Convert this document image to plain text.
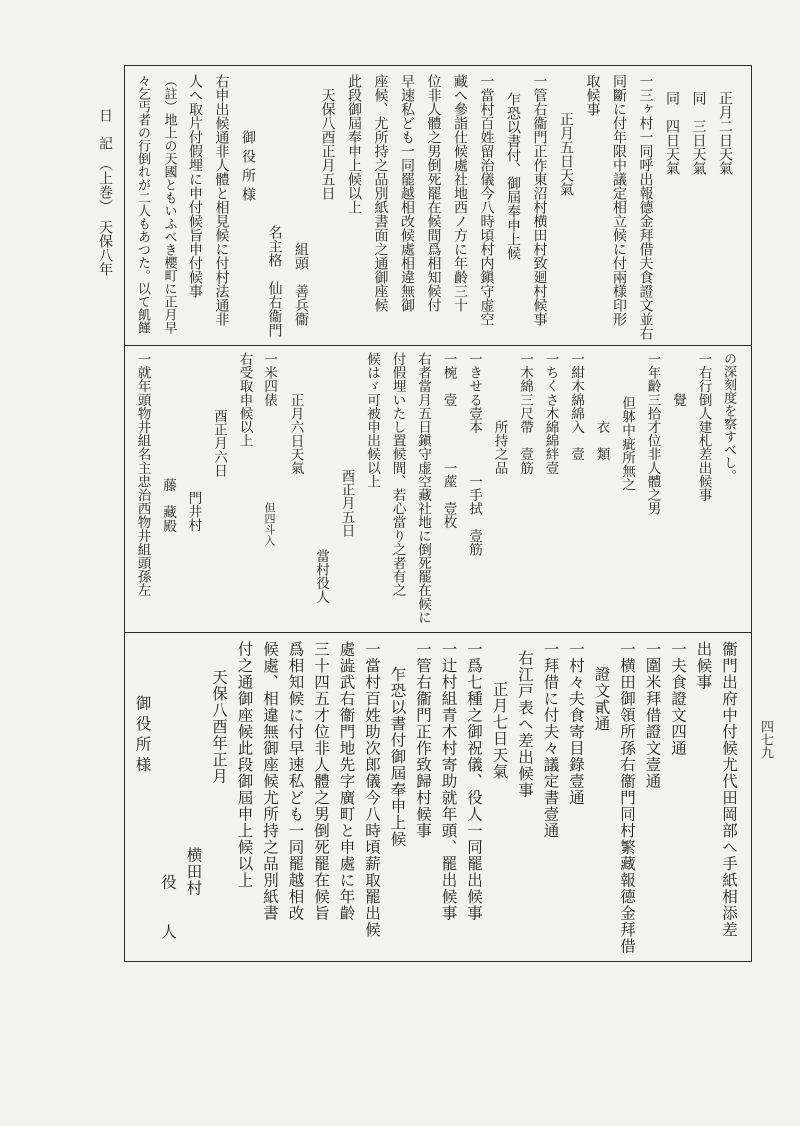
日　記　（上巻）　天保八年
四七九
正月二日天氣
同　三日天氣
同　四日天氣
一三ヶ村一同呼出報德金拜借夫食證文並右
同斷に付年限中議定相立候に付兩様印形
取候事
正月五日天氣
一管右衞門正作東沼村横田村致廻村候事
乍恐以書付、御屆奉申上候
一當村百姓留治儀今八時頃村内鎭守虚空
藏へ參詣仕候處社地西ノ方に年齡三十
位非人體之男倒死罷在候間爲相知候付
早速私ども一同罷越相改候處相違無御
座候、尤所持之品別紙書面之通御座候
此段御屆奉申上候以上
天保八酉正月五日
組頭　善兵衞
名主格　仙右衞門
御役所様
右申出候通非人體と相見候に付村法通非
人へ取片付假埋に申付候旨申付候事
（註）地上の天國ともいふべき櫻町に正月早
々乞丐者の行倒れが二人もあつた。以て飢饉
の深刻度を察すべし。
一右行倒人建札差出候事
覺
一年齡三拾才位非人體之男
但躰中疵所無之
衣　類
一紺木綿綿入　壹
一ちくさ木綿綿絆壹
一木綿三尺帶　壹筋
所持之品
一きせる壹本　　　一手拭　壹筋
一椀　壹　　　　一蓙　壹枚
右者當月五日鎭守虚空藏社地に倒死罷在候に
付假埋いたし置候間、若心當り之者有之
候はゞ可被申出候以上
酉正月五日
當村役人
正月六日天氣
一米四俵但四斗入
右受取申候以上
酉正月六日
門井村
藤　藏殿
一就年頭物井組名主忠治西物井組頭孫左
衞門出府中付候尤代田岡部へ手紙相添差
出候事
一夫食證文四通
一圍米拜借證文壹通
一横田御領所孫右衞門同村繁藏報德金拜借
證文貳通
一村々夫食寄目錄壹通
一拜借に付夫々議定書壹通
右江戸表へ差出候事
正月七日天氣
一爲七種之御祝儀、役人一同罷出候事
一辻村組青木村寄助就年頭、罷出候事
一管右衞門正作致歸村候事
乍恐以書付御屆奉申上候
一當村百姓助次郎儀今八時頃薪取罷出候
處澁武右衞門地先字廣町と申處に年齡
三十四五才位非人體之男倒死罷在候旨
爲相知候に付早速私ども一同罷越相改
候處、相違無御座候尤所持之品別紙書
付之通御座候此段御屆申上候以上
天保八酉年正月
横田村
役　　人
御役所様
